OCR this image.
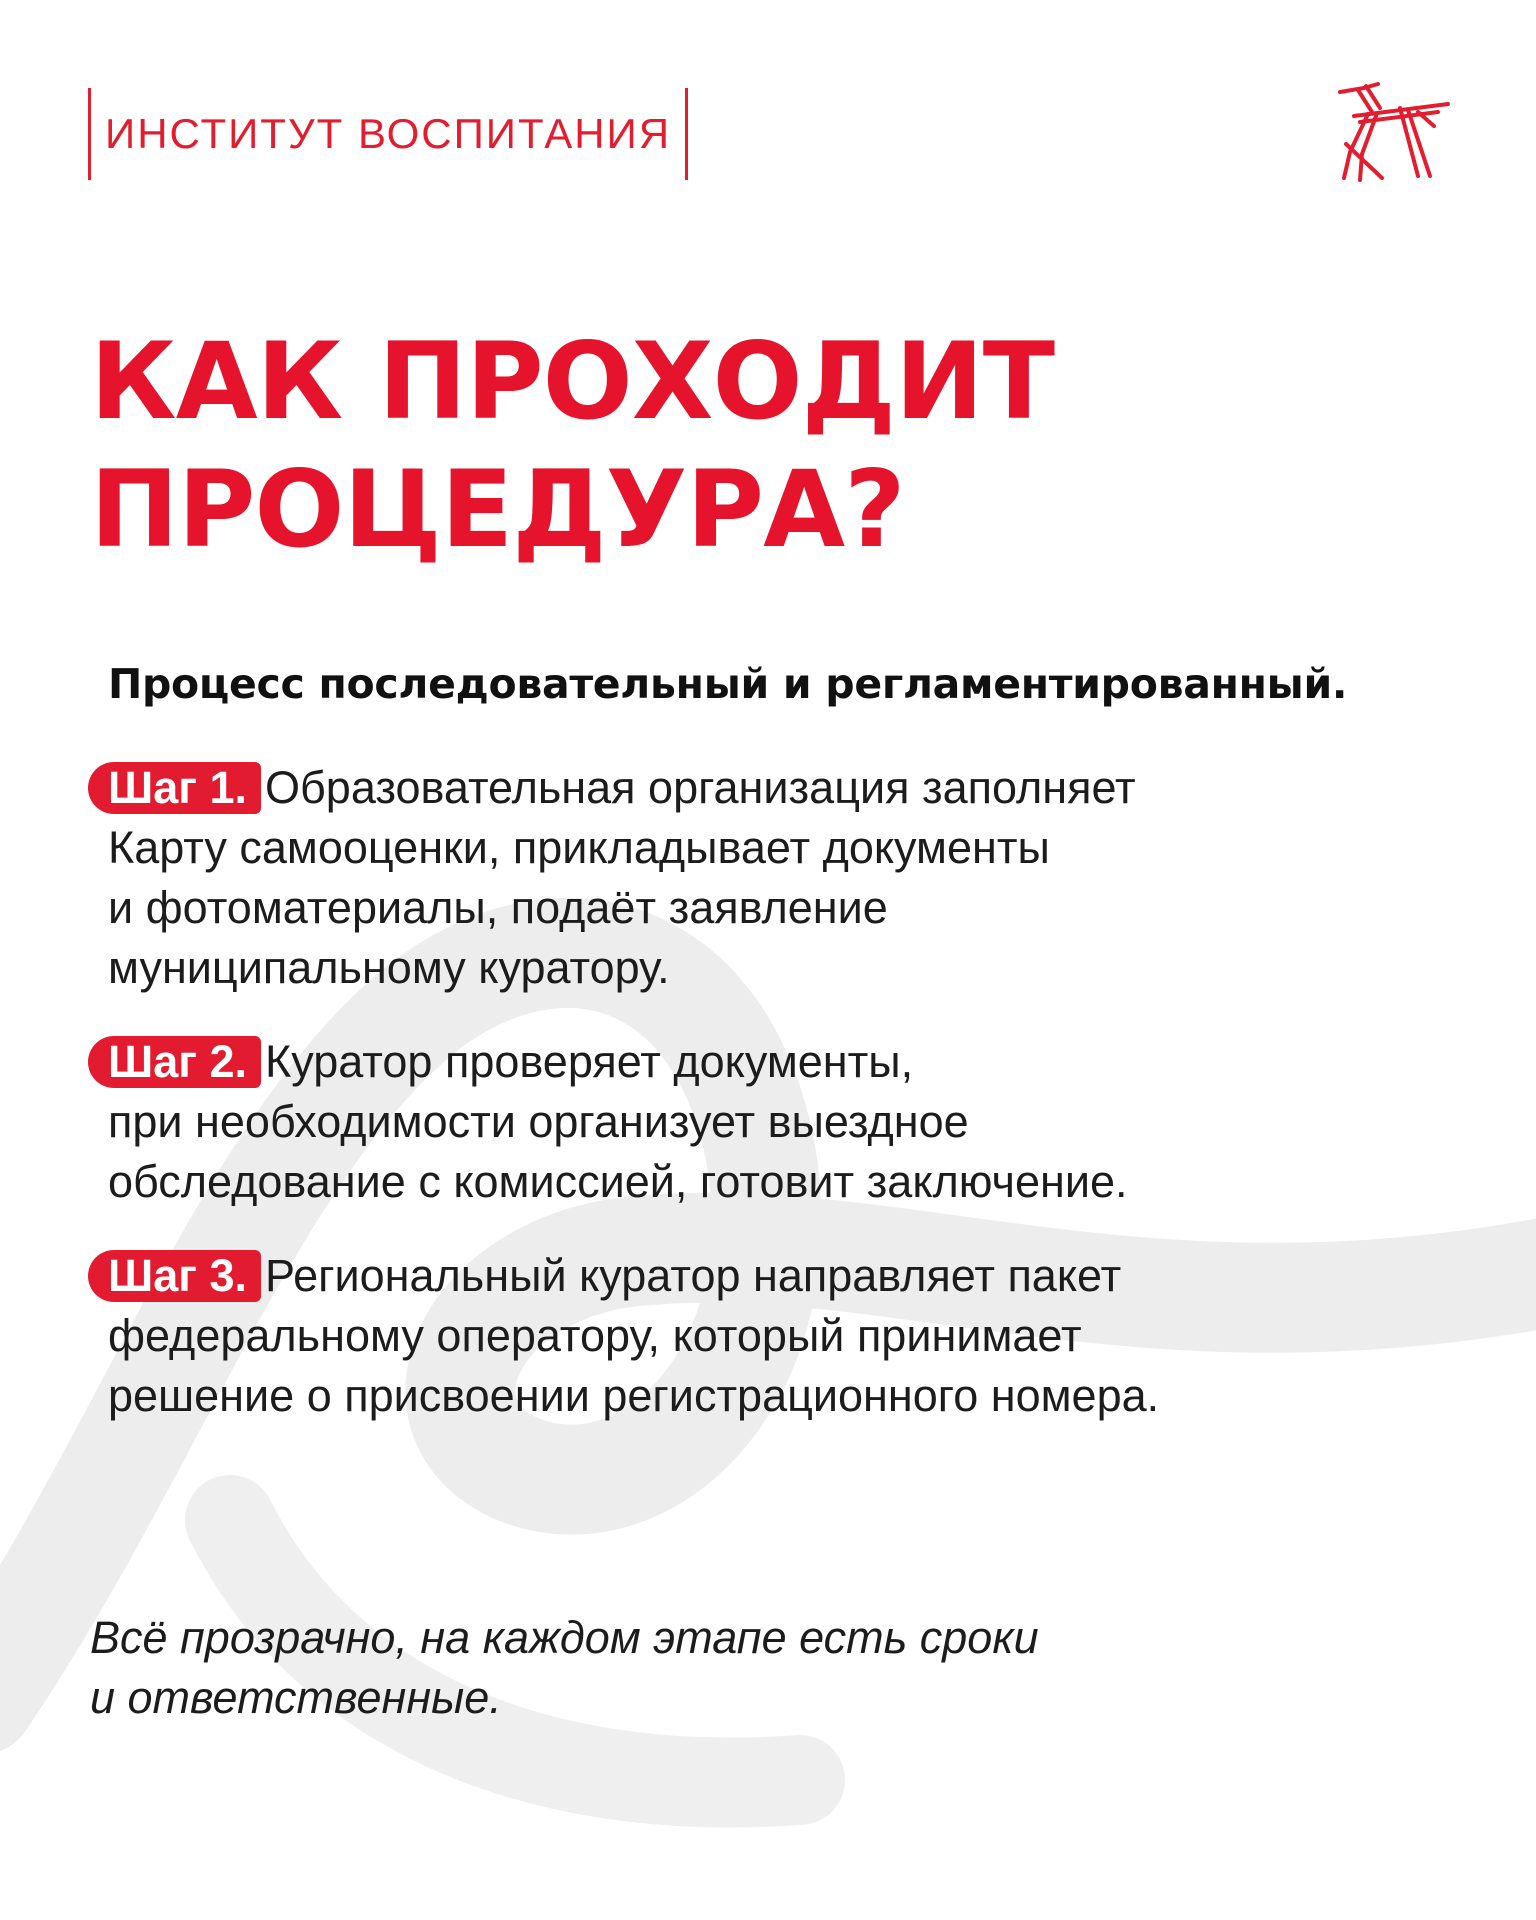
ИНСТИТУТ ВОСПИТАНИЯ
КАК ПРОХОДИТ
ПРОЦЕДУРА?
Процесс последовательный и регламентированный.
Шаг 1. Образовательная организация заполняет
Карту самооценки, прикладывает документы
и фотоматериалы, подаёт заявление
муниципальному куратору.
Шаг 2. Куратор проверяет документы,
при необходимости организует выездное
обследование с комиссией, готовит заключение.
Шаг 3. Региональный куратор направляет пакет
федеральному оператору, который принимает
решение о присвоении регистрационного номера.
Всё прозрачно, на каждом этапе есть сроки
и ответственные.
